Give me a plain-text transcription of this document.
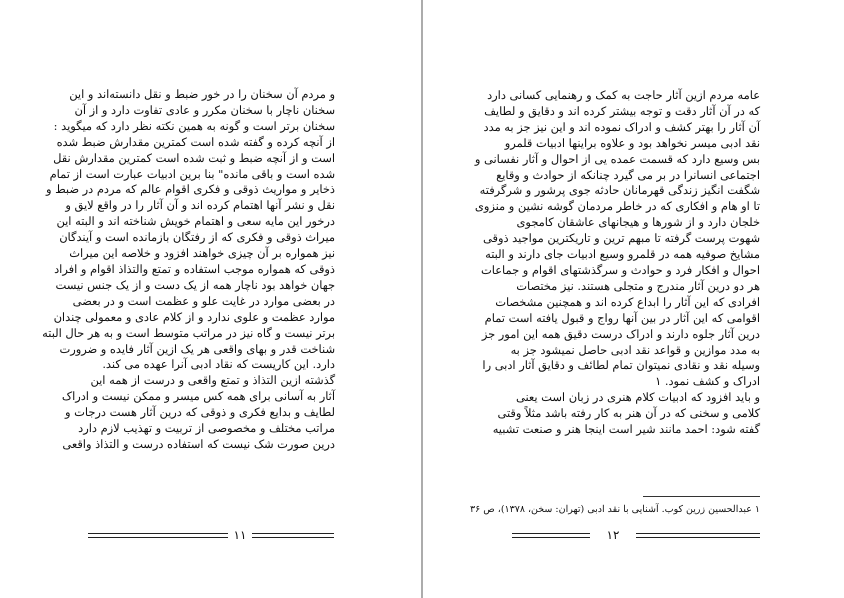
و مردم آن سخنان را در خور ضبط و نقل دانسته‌اند و این
سخنان ناچار با سخنان مکرر و عادی تفاوت دارد و از آن
سخنان برتر است و گونه به همین نکته نظر دارد که میگوید :
از آنچه کرده و گفته شده است کمترین مقدارش ضبط شده
است و از آنچه ضبط و ثبت شده است کمترین مقدارش نقل
شده است و باقی مانده" بنا برین ادبیات عبارت است از تمام
ذخایر و مواریث ذوقی و فکری اقوام عالم که مردم در ضبط و
نقل و نشر آنها اهتمام کرده اند و آن آثار را در واقع لایق و
درخور این مایه سعی و اهتمام خویش شناخته اند و البته این
میراث ذوقی و فکری که از رفتگان بازمانده است و آیندگان
نیز همواره بر آن چیزی خواهند افزود و خلاصه این میراث
ذوقی که همواره موجب استفاده و تمتع والتذاذ اقوام و افراد
جهان خواهد بود ناچار همه از یک دست و از یک جنس نیست
در بعضی موارد در غایت علو و عظمت است و در بعضی
موارد عظمت و علوی ندارد و از کلام عادی و معمولی چندان
برتر نیست و گاه نیز در مراتب متوسط است و به هر حال البته
شناخت قدر و بهای واقعی هر یک ازین آثار فایده و ضرورت
دارد. این کاریست که نقاد ادبی آنرا عهده می کند.
گذشته ازین التذاذ و تمتع واقعی و درست از همه این
آثار به آسانی برای همه کس میسر و ممکن نیست و ادراک
لطایف و بدایع فکری و ذوقی که درین آثار هست درجات و
مراتب مختلف و مخصوصی از تربیت و تهذیب لازم دارد
درین صورت شک نیست که استفاده درست و التذاذ واقعی
۱۱
عامه مردم ازین آثار حاجت به کمک و رهنمایی کسانی دارد
که در آن آثار دقت و توجه بیشتر کرده اند و دقایق و لطایف
آن آثار را بهتر کشف و ادراک نموده اند و این نیز جز به مدد
نقد ادبی میسر نخواهد بود و علاوه براینها ادبیات قلمرو
بس وسیع دارد که قسمت عمده یی از احوال و آثار نفسانی و
اجتماعی انسانرا در بر می گیرد چنانکه از حوادث و وقایع
شگفت انگیز زندگی قهرمانان حادثه جوی پرشور و شرگرفته
تا او هام و افکاری که در خاطر مردمان گوشه نشین و منزوی
خلجان دارد و از شورها و هیجانهای عاشقان کامجوی
شهوت پرست گرفته تا مبهم ترین و تاریکترین مواجید ذوقی
مشایخ صوفیه همه در قلمرو وسیع ادبیات جای دارند و البته
احوال و افکار فرد و حوادث و سرگذشتهای اقوام و جماعات
هر دو درین آثار مندرج و متجلی هستند. نیز مختصات
افرادی که این آثار را ابداع کرده اند و همچنین مشخصات
اقوامی که این آثار در بین آنها رواج و قبول یافته است تمام
درین آثار جلوه دارند و ادراک درست دقیق همه این امور جز
به مدد موازین و قواعد نقد ادبی حاصل نمیشود جز به
وسیله نقد و نقادی نمیتوان تمام لطائف و دقایق آثار ادبی را
ادراک و کشف نمود. ۱
و باید افزود که ادبیات کلام هنری در زبان است یعنی
کلامی و سخنی که در آن هنر به کار رفته باشد مثلاً وقتی
گفته شود: احمد مانند شیر است اینجا هنر و صنعت تشبیه
۱ عبدالحسین زرین کوب. آشنایی با نقد ادبی (تهران: سخن، ۱۳۷۸)، ص ۳۶
۱۲
